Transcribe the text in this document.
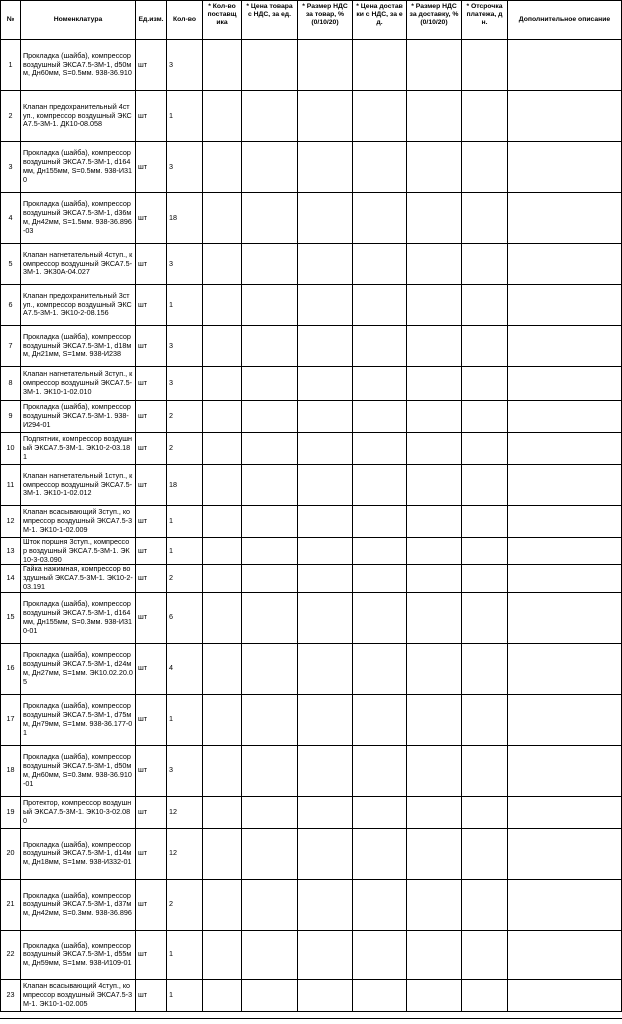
№	Номенклатура	Ед.изм.	Кол-во	* Кол-во поставщ ика	* Цена товара с НДС, за ед.	* Размер НДС за товар, % (0/10/20)	* Цена достав ки с НДС, за е д.	* Размер НДС за доставку, % (0/10/20)	* Отсрочка платежа, д н.	Дополнительное описание
1	Прокладка (шайба), компрессор воздушный ЭКСА7.5-3М-1, d50мм, Дн60мм, S=0.5мм. 938-36.910	шт	3							
2	Клапан предохранительный 4ступ., компрессор воздушный ЭКСА7.5-3М-1. ДК10-08.058	шт	1							
3	Прокладка (шайба), компрессор воздушный ЭКСА7.5-3М-1, d164мм, Дн155мм, S=0.5мм. 938-И310	шт	3							
4	Прокладка (шайба), компрессор воздушный ЭКСА7.5-3М-1, d36мм, Дн42мм, S=1.5мм. 938-36.896-03	шт	18							
5	Клапан нагнетательный 4ступ., компрессор воздушный ЭКСА7.5-3М-1. ЭК30А-04.027	шт	3							
6	Клапан предохранительный 3ступ., компрессор воздушный ЭКСА7.5-3М-1. ЭК10-2-08.156	шт	1							
7	Прокладка (шайба), компрессор воздушный ЭКСА7.5-3М-1, d18мм, Дн21мм, S=1мм. 938-И238	шт	3							
8	Клапан нагнетательный 3ступ., компрессор воздушный ЭКСА7.5-3М-1. ЭК10-1-02.010	шт	3							
9	Прокладка (шайба), компрессор воздушный ЭКСА7.5-3М-1. 938-И294-01	шт	2							
10	Подпятник, компрессор воздушный ЭКСА7.5-3М-1. ЭК10-2-03.181	шт	2							
11	Клапан нагнетательный 1ступ., компрессор воздушный ЭКСА7.5-3М-1. ЭК10-1-02.012	шт	18							
12	Клапан всасывающий 3ступ., компрессор воздушный ЭКСА7.5-3М-1. ЭК10-1-02.009	шт	1							
13	Шток поршня 3ступ., компрессор воздушный ЭКСА7.5-3М-1. ЭК10-3-03.090	шт	1							
14	Гайка нажимная, компрессор воздушный ЭКСА7.5-3М-1. ЭК10-2-03.191	шт	2							
15	Прокладка (шайба), компрессор воздушный ЭКСА7.5-3М-1, d164мм, Дн155мм, S=0.3мм. 938-И310-01	шт	6							
16	Прокладка (шайба), компрессор воздушный ЭКСА7.5-3М-1, d24мм, Дн27мм, S=1мм. ЭК10.02.20.05	шт	4							
17	Прокладка (шайба), компрессор воздушный ЭКСА7.5-3М-1, d75мм, Дн79мм, S=1мм. 938-36.177-01	шт	1							
18	Прокладка (шайба), компрессор воздушный ЭКСА7.5-3М-1, d50мм, Дн60мм, S=0.3мм. 938-36.910-01	шт	3							
19	Протектор, компрессор воздушный ЭКСА7.5-3М-1. ЭК10-3-02.080	шт	12							
20	Прокладка (шайба), компрессор воздушный ЭКСА7.5-3М-1, d14мм, Дн18мм, S=1мм. 938-И332-01	шт	12							
21	Прокладка (шайба), компрессор воздушный ЭКСА7.5-3М-1, d37мм, Дн42мм, S=0.3мм. 938-36.896	шт	2							
22	Прокладка (шайба), компрессор воздушный ЭКСА7.5-3М-1, d55мм, Дн59мм, S=1мм. 938-И109-01	шт	1							
23	Клапан всасывающий 4ступ., компрессор воздушный ЭКСА7.5-3М-1. ЭК10-1-02.005	шт	1							
